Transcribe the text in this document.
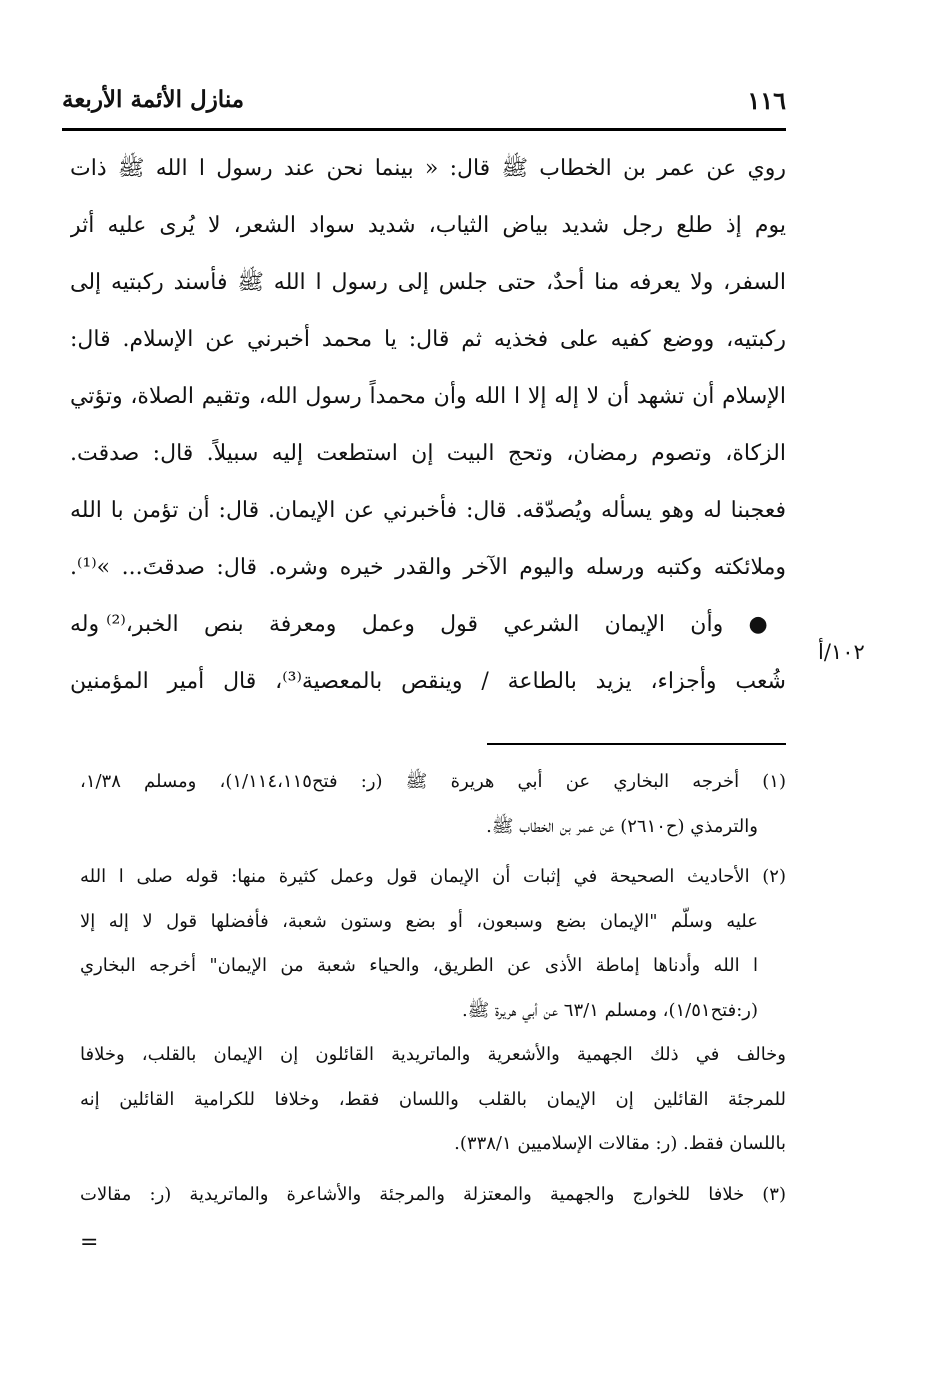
منازل الأئمة الأربعة	١١٦
روي عن عمر بن الخطاب ﷺ قال: « بينما نحن عند رسول ا الله ﷺ ذات
يوم إذ طلع رجل شديد بياض الثياب، شديد سواد الشعر، لا يُرى عليه أثر
السفر، ولا يعرفه منا أحدٌ، حتى جلس إلى رسول ا الله ﷺ فأسند ركبتيه إلى
ركبتيه، ووضع كفيه على فخذيه ثم قال: يا محمد أخبرني عن الإسلام. قال:
الإسلام أن تشهد أن لا إله إلا ا الله وأن محمداً رسول الله، وتقيم الصلاة، وتؤتي
الزكاة، وتصوم رمضان، وتحج البيت إن استطعت إليه سبيلاً. قال: صدقت.
فعجبنا له وهو يسأله ويُصدّقه. قال: فأخبرني عن الإيمان. قال: أن تؤمن با الله
وملائكته وكتبه ورسله واليوم الآخر والقدر خيره وشره. قال: صدقتَ... »⁽¹⁾.
● وأن الإيمان الشرعي قول وعمل ومعرفة بنص الخبر،⁽²⁾ وله
شُعب وأجزاء، يزيد بالطاعة / وينقص بالمعصية⁽³⁾، قال أمير المؤمنين
١٠٢/أ
(١) أخرجه البخاري عن أبي هريرة ﷺ (ر: فتح١/١١٤،١١٥)، ومسلم ١/٣٨،
والترمذي (ح٢٦١٠) عن عمر بن الخطاب ﷺ.
(٢) الأحاديث الصحيحة في إثبات أن الإيمان قول وعمل كثيرة منها: قوله صلى ا الله
عليه وسلّم "الإيمان بضع وسبعون، أو بضع وستون شعبة، فأفضلها قول لا إله إلا
ا الله وأدناها إماطة الأذى عن الطريق، والحياء شعبة من الإيمان" أخرجه البخاري
(ر:فتح١/٥١)، ومسلم ٦٣/١ عن أبي هريرة ﷺ.
وخالف في ذلك الجهمية والأشعرية والماتريدية القائلون إن الإيمان بالقلب، وخلافا
للمرجئة القائلين إن الإيمان بالقلب واللسان فقط، وخلافا للكرامية القائلين إنه
باللسان فقط. (ر: مقالات الإسلاميين ٣٣٨/١).
(٣) خلافا للخوارج والجهمية والمعتزلة والمرجئة والأشاعرة والماتريدية (ر: مقالات
=
